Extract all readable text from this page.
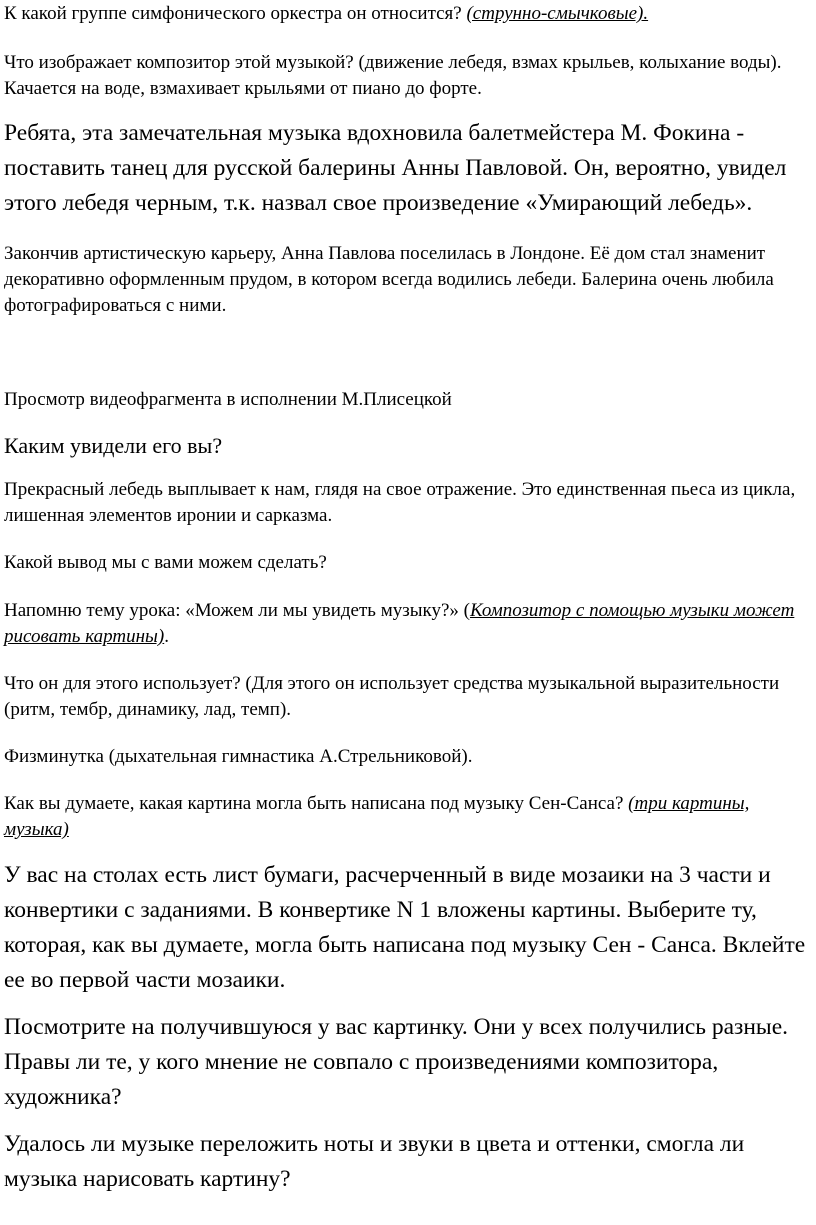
К какой группе симфонического оркестра он относится? (струнно-смычковые).

Что изображает композитор этой музыкой? (движение лебедя, взмах крыльев, колыхание воды). Качается на воде, взмахивает крыльями от пиано до форте.

Ребята, эта замечательная музыка вдохновила балетмейстера М. Фокина - поставить танец для русской балерины Анны Павловой. Он, вероятно, увидел этого лебедя черным, т.к. назвал свое произведение «Умирающий лебедь».

Закончив артистическую карьеру, Анна Павлова поселилась в Лондоне. Её дом стал знаменит декоративно оформленным прудом, в котором всегда водились лебеди. Балерина очень любила фотографироваться с ними.

Просмотр видеофрагмента в исполнении М.Плисецкой

Каким увидели его вы?

Прекрасный лебедь выплывает к нам, глядя на свое отражение. Это единственная пьеса из цикла, лишенная элементов иронии и сарказма.

Какой вывод мы с вами можем сделать?

Напомню тему урока: «Можем ли мы увидеть музыку?» (Композитор с помощью музыки может рисовать картины).

Что он для этого использует? (Для этого он использует средства музыкальной выразительности (ритм, тембр, динамику, лад, темп).

Физминутка (дыхательная гимнастика А.Стрельниковой).

Как вы думаете, какая картина могла быть написана под музыку Сен-Санса? (три картины, музыка)

У вас на столах есть лист бумаги, расчерченный в виде мозаики на 3 части и конвертики с заданиями. В конвертике N 1 вложены картины. Выберите ту, которая, как вы думаете, могла быть написана под музыку Сен - Санса. Вклейте ее во первой части мозаики.

Посмотрите на получившуюся у вас картинку. Они у всех получились разные. Правы ли те, у кого мнение не совпало с произведениями композитора, художника?

Удалось ли музыке переложить ноты и звуки в цвета и оттенки, смогла ли музыка нарисовать картину?
